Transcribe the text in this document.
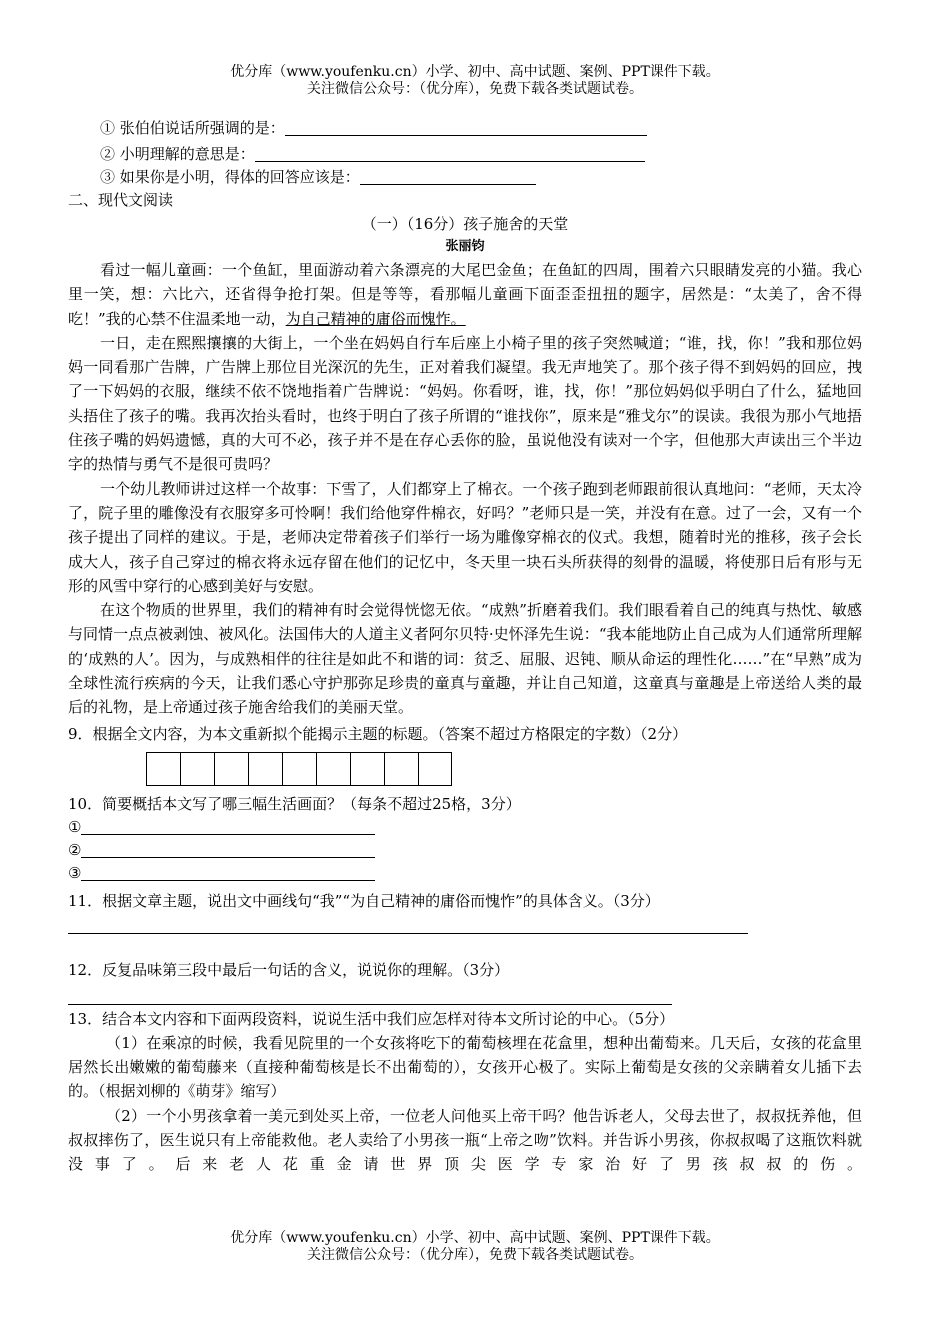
优分库（www.youfenku.cn）小学、初中、高中试题、案例、PPT课件下载。
关注微信公众号：（优分库），免费下载各类试题试卷。
① 张伯伯说话所强调的是：
② 小明理解的意思是：
③ 如果你是小明，得体的回答应该是：
二、现代文阅读
（一）（16分）孩子施舍的天堂
张丽钧

看过一幅儿童画：一个鱼缸，里面游动着六条漂亮的大尾巴金鱼；在鱼缸的四周，围着六只眼睛发亮的小猫。我心里一笑，想：六比六，还省得争抢打架。但是等等，看那幅儿童画下面歪歪扭扭的题字，居然是：“太美了，舍不得吃！”我的心禁不住温柔地一动，为自己精神的庸俗而愧怍。

一日，走在熙熙攘攘的大街上，一个坐在妈妈自行车后座上小椅子里的孩子突然喊道；“谁，找，你！”我和那位妈妈一同看那广告牌，广告牌上那位目光深沉的先生，正对着我们凝望。我无声地笑了。那个孩子得不到妈妈的回应，拽了一下妈妈的衣服，继续不依不饶地指着广告牌说：“妈妈。你看呀，谁，找，你！”那位妈妈似乎明白了什么，猛地回头捂住了孩子的嘴。我再次抬头看时，也终于明白了孩子所谓的“谁找你”，原来是“雅戈尔”的误读。我很为那小气地捂住孩子嘴的妈妈遗憾，真的大可不必，孩子并不是在存心丢你的脸，虽说他没有读对一个字，但他那大声读出三个半边字的热情与勇气不是很可贵吗？

一个幼儿教师讲过这样一个故事：下雪了，人们都穿上了棉衣。一个孩子跑到老师跟前很认真地问：“老师，天太冷了，院子里的雕像没有衣服穿多可怜啊！我们给他穿件棉衣，好吗？”老师只是一笑，并没有在意。过了一会，又有一个孩子提出了同样的建议。于是，老师决定带着孩子们举行一场为雕像穿棉衣的仪式。我想，随着时光的推移，孩子会长成大人，孩子自己穿过的棉衣将永远存留在他们的记忆中，冬天里一块石头所获得的刻骨的温暖，将使那日后有形与无形的风雪中穿行的心感到美好与安慰。

在这个物质的世界里，我们的精神有时会觉得恍惚无依。“成熟”折磨着我们。我们眼看着自己的纯真与热忱、敏感与同情一点点被剥蚀、被风化。法国伟大的人道主义者阿尔贝特·史怀泽先生说：“我本能地防止自己成为人们通常所理解的‘成熟的人’。因为，与成熟相伴的往往是如此不和谐的词：贫乏、屈服、迟钝、顺从命运的理性化……”在“早熟”成为全球性流行疾病的今天，让我们悉心守护那弥足珍贵的童真与童趣，并让自己知道，这童真与童趣是上帝送给人类的最后的礼物，是上帝通过孩子施舍给我们的美丽天堂。

9．根据全文内容，为本文重新拟个能揭示主题的标题。（答案不超过方格限定的字数）（2分）

10．简要概括本文写了哪三幅生活画面？（每条不超过25格，3分）

①
②
③

11．根据文章主题，说出文中画线句“我”“为自己精神的庸俗而愧怍”的具体含义。（3分）

12．反复品味第三段中最后一句话的含义，说说你的理解。（3分）

13．结合本文内容和下面两段资料，说说生活中我们应怎样对待本文所讨论的中心。（5分）

（1）在乘凉的时候，我看见院里的一个女孩将吃下的葡萄核埋在花盒里，想种出葡萄来。几天后，女孩的花盒里居然长出嫩嫩的葡萄藤来（直接种葡萄核是长不出葡萄的），女孩开心极了。实际上葡萄是女孩的父亲瞒着女儿插下去的。（根据刘柳的《萌芽》缩写）

（2）一个小男孩拿着一美元到处买上帝，一位老人问他买上帝干吗？他告诉老人，父母去世了，叔叔抚养他，但叔叔摔伤了，医生说只有上帝能救他。老人卖给了小男孩一瓶“上帝之吻”饮料。并告诉小男孩，你叔叔喝了这瓶饮料就没事了。后来老人花重金请世界顶尖医学专家治好了男孩叔叔的伤。

优分库（www.youfenku.cn）小学、初中、高中试题、案例、PPT课件下载。
关注微信公众号：（优分库），免费下载各类试题试卷。
